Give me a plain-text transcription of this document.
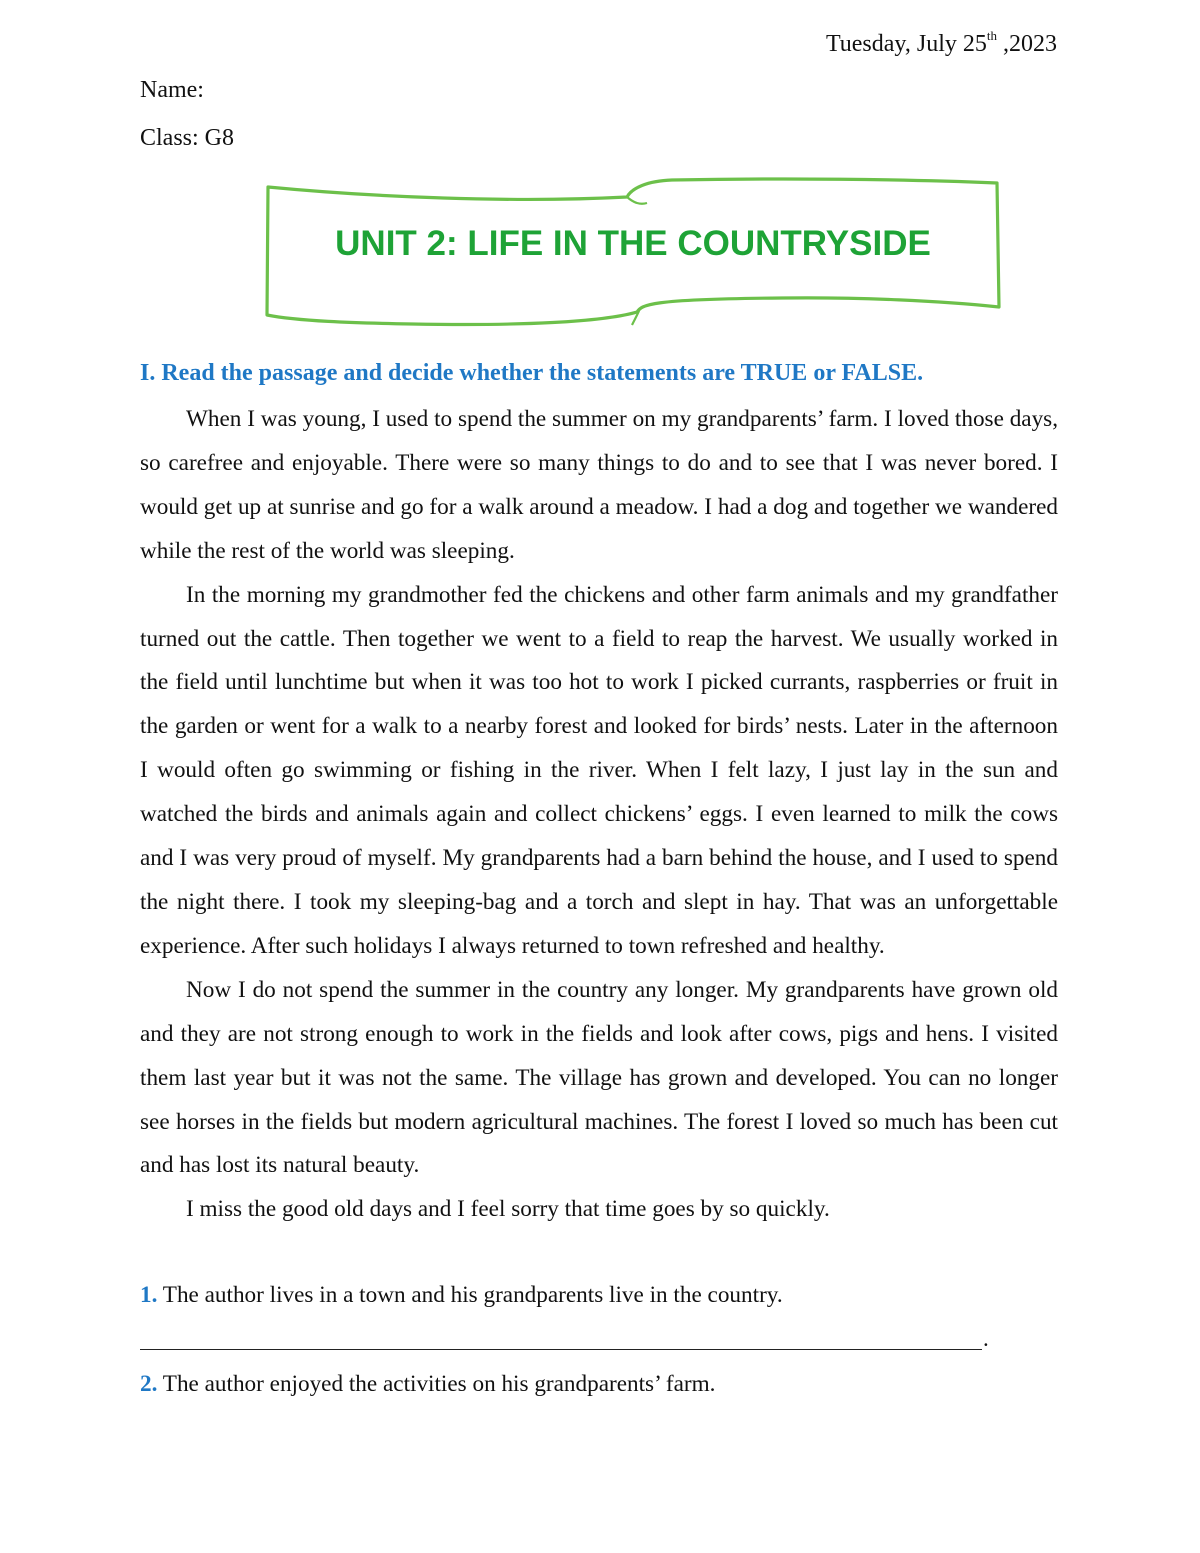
Tuesday, July 25th ,2023
Name:
Class: G8
UNIT 2: LIFE IN THE COUNTRYSIDE
I. Read the passage and decide whether the statements are TRUE or FALSE.

When I was young, I used to spend the summer on my grandparents’ farm. I loved those days, so carefree and enjoyable. There were so many things to do and to see that I was never bored. I would get up at sunrise and go for a walk around a meadow. I had a dog and together we wandered while the rest of the world was sleeping.

In the morning my grandmother fed the chickens and other farm animals and my grandfather turned out the cattle. Then together we went to a field to reap the harvest. We usually worked in the field until lunchtime but when it was too hot to work I picked currants, raspberries or fruit in the garden or went for a walk to a nearby forest and looked for birds’ nests. Later in the afternoon I would often go swimming or fishing in the river. When I felt lazy, I just lay in the sun and watched the birds and animals again and collect chickens’ eggs. I even learned to milk the cows and I was very proud of myself. My grandparents had a barn behind the house, and I used to spend the night there. I took my sleeping-bag and a torch and slept in hay. That was an unforgettable experience. After such holidays I always returned to town refreshed and healthy.

Now I do not spend the summer in the country any longer. My grandparents have grown old and they are not strong enough to work in the fields and look after cows, pigs and hens. I visited them last year but it was not the same. The village has grown and developed. You can no longer see horses in the fields but modern agricultural machines. The forest I loved so much has been cut and has lost its natural beauty.

I miss the good old days and I feel sorry that time goes by so quickly.

1. The author lives in a town and his grandparents live in the country.
.
2. The author enjoyed the activities on his grandparents’ farm.
